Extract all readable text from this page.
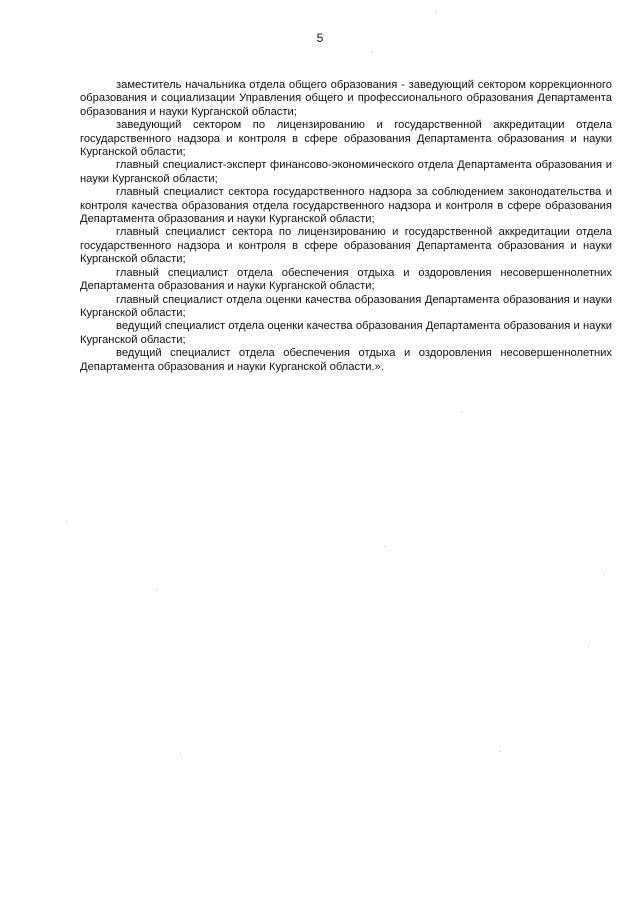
5

заместитель начальника отдела общего образования - заведующий сектором коррекционного образования и социализации Управления общего и профессионального образования Департамента образования и науки Курганской области;

заведующий сектором по лицензированию и государственной аккредитации отдела государственного надзора и контроля в сфере образования Департамента образования и науки Курганской области;

главный специалист-эксперт финансово-экономического отдела Департамента образования и науки Курганской области;

главный специалист сектора государственного надзора за соблюдением законодательства и контроля качества образования отдела государственного надзора и контроля в сфере образования Департамента образования и науки Курганской области;

главный специалист сектора по лицензированию и государственной аккредитации отдела государственного надзора и контроля в сфере образования Департамента образования и науки Курганской области;

главный специалист отдела обеспечения отдыха и оздоровления несовершеннолетних Департамента образования и науки Курганской области;

главный специалист отдела оценки качества образования Департамента образования и науки Курганской области;

ведущий специалист отдела оценки качества образования Департамента образования и науки Курганской области;

ведущий специалист отдела обеспечения отдыха и оздоровления несовершеннолетних Департамента образования и науки Курганской области.».
